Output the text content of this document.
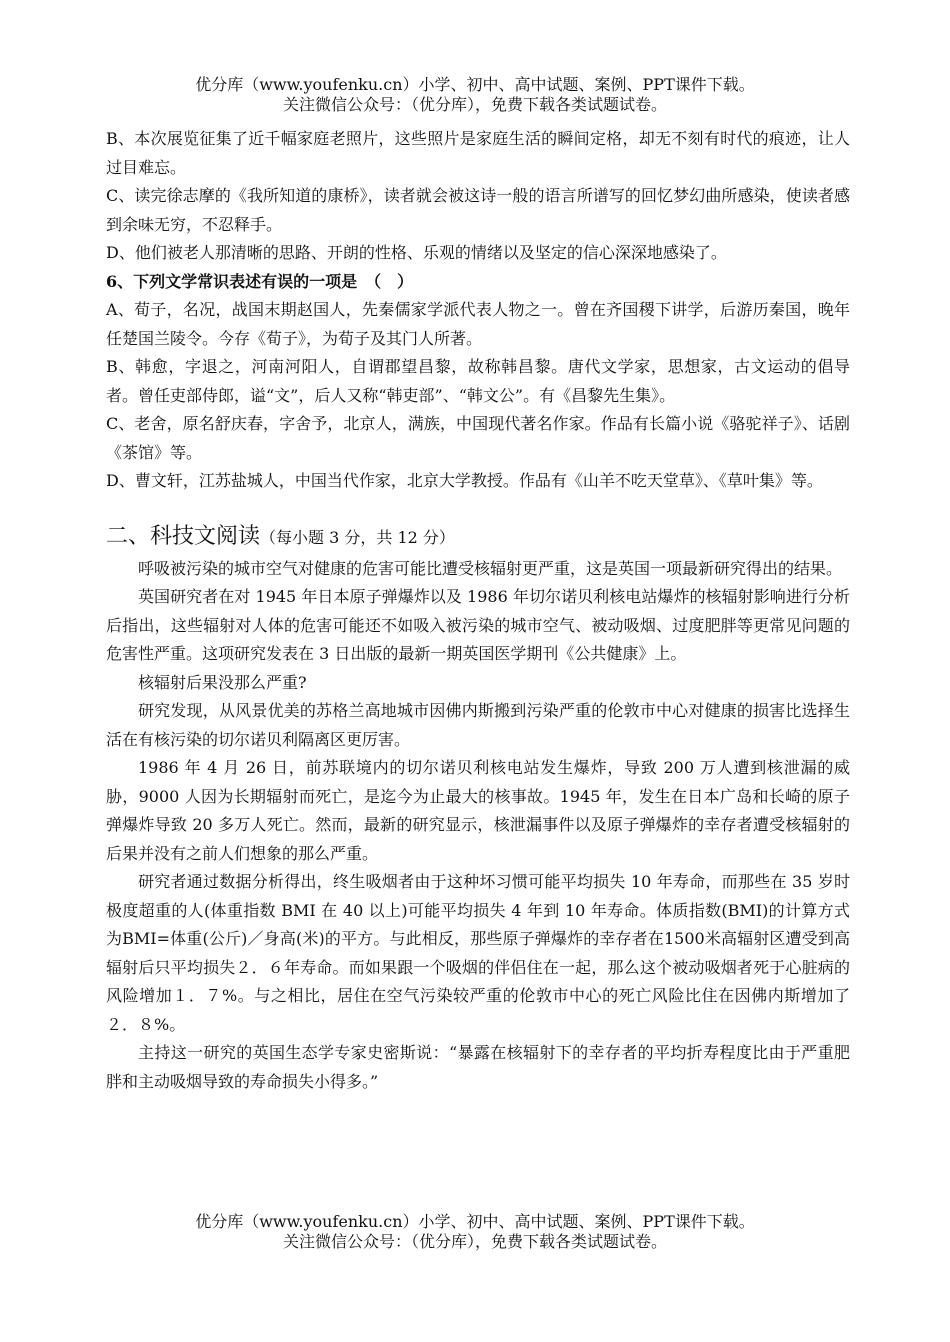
优分库（www.youfenku.cn）小学、初中、高中试题、案例、PPT课件下载。
关注微信公众号：（优分库），免费下载各类试题试卷。

B、本次展览征集了近千幅家庭老照片，这些照片是家庭生活的瞬间定格，却无不刻有时代的痕迹，让人过目难忘。

C、读完徐志摩的《我所知道的康桥》，读者就会被这诗一般的语言所谱写的回忆梦幻曲所感染，使读者感到余味无穷，不忍释手。

D、他们被老人那清晰的思路、开朗的性格、乐观的情绪以及坚定的信心深深地感染了。

6、下列文学常识表述有误的一项是　（　）

A、荀子，名况，战国末期赵国人，先秦儒家学派代表人物之一。曾在齐国稷下讲学，后游历秦国，晚年任楚国兰陵令。今存《荀子》，为荀子及其门人所著。

B、韩愈，字退之，河南河阳人，自谓郡望昌黎，故称韩昌黎。唐代文学家，思想家，古文运动的倡导者。曾任吏部侍郎，谥“文”，后人又称“韩吏部”、“韩文公”。有《昌黎先生集》。

C、老舍，原名舒庆春，字舍予，北京人，满族，中国现代著名作家。作品有长篇小说《骆驼祥子》、话剧《茶馆》等。

D、曹文轩，江苏盐城人，中国当代作家，北京大学教授。作品有《山羊不吃天堂草》、《草叶集》等。

二、科技文阅读（每小题 3 分，共 12 分）

呼吸被污染的城市空气对健康的危害可能比遭受核辐射更严重，这是英国一项最新研究得出的结果。

英国研究者在对 1945 年日本原子弹爆炸以及 1986 年切尔诺贝利核电站爆炸的核辐射影响进行分析后指出，这些辐射对人体的危害可能还不如吸入被污染的城市空气、被动吸烟、过度肥胖等更常见问题的危害性严重。这项研究发表在 3 日出版的最新一期英国医学期刊《公共健康》上。

核辐射后果没那么严重?

研究发现，从风景优美的苏格兰高地城市因佛内斯搬到污染严重的伦敦市中心对健康的损害比选择生活在有核污染的切尔诺贝利隔离区更厉害。

1986 年 4 月 26 日，前苏联境内的切尔诺贝利核电站发生爆炸，导致 200 万人遭到核泄漏的威胁，9000 人因为长期辐射而死亡，是迄今为止最大的核事故。1945 年，发生在日本广岛和长崎的原子弹爆炸导致 20 多万人死亡。然而，最新的研究显示，核泄漏事件以及原子弹爆炸的幸存者遭受核辐射的后果并没有之前人们想象的那么严重。

研究者通过数据分析得出，终生吸烟者由于这种坏习惯可能平均损失 10 年寿命，而那些在 35 岁时极度超重的人(体重指数 BMI 在 40 以上)可能平均损失 4 年到 10 年寿命。体质指数(BMI)的计算方式为BMI=体重(公斤)／身高(米)的平方。与此相反，那些原子弹爆炸的幸存者在1500米高辐射区遭受到高辐射后只平均损失２．６年寿命。而如果跟一个吸烟的伴侣住在一起，那么这个被动吸烟者死于心脏病的风险增加１．７%。与之相比，居住在空气污染较严重的伦敦市中心的死亡风险比住在因佛内斯增加了２．８%。

主持这一研究的英国生态学专家史密斯说：“暴露在核辐射下的幸存者的平均折寿程度比由于严重肥胖和主动吸烟导致的寿命损失小得多。”

优分库（www.youfenku.cn）小学、初中、高中试题、案例、PPT课件下载。
关注微信公众号：（优分库），免费下载各类试题试卷。
